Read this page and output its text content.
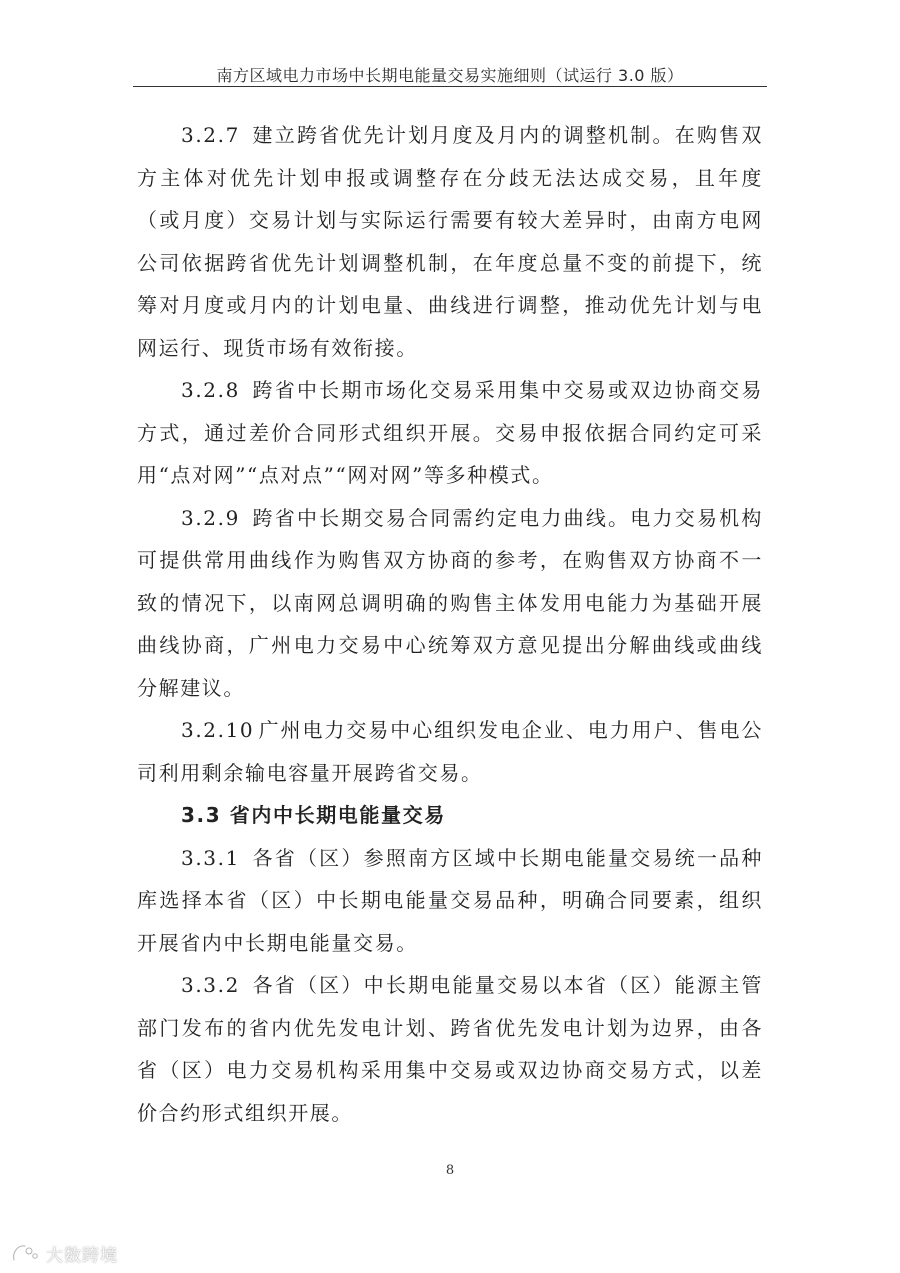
南方区域电力市场中长期电能量交易实施细则（试运行 3.0 版）

3.2.7 建立跨省优先计划月度及月内的调整机制。在购售双方主体对优先计划申报或调整存在分歧无法达成交易，且年度（或月度）交易计划与实际运行需要有较大差异时，由南方电网公司依据跨省优先计划调整机制，在年度总量不变的前提下，统筹对月度或月内的计划电量、曲线进行调整，推动优先计划与电网运行、现货市场有效衔接。

3.2.8 跨省中长期市场化交易采用集中交易或双边协商交易方式，通过差价合同形式组织开展。交易申报依据合同约定可采用“点对网”“点对点”“网对网”等多种模式。

3.2.9 跨省中长期交易合同需约定电力曲线。电力交易机构可提供常用曲线作为购售双方协商的参考，在购售双方协商不一致的情况下，以南网总调明确的购售主体发用电能力为基础开展曲线协商，广州电力交易中心统筹双方意见提出分解曲线或曲线分解建议。

3.2.10 广州电力交易中心组织发电企业、电力用户、售电公司利用剩余输电容量开展跨省交易。

3.3 省内中长期电能量交易

3.3.1 各省（区）参照南方区域中长期电能量交易统一品种库选择本省（区）中长期电能量交易品种，明确合同要素，组织开展省内中长期电能量交易。

3.3.2 各省（区）中长期电能量交易以本省（区）能源主管部门发布的省内优先发电计划、跨省优先发电计划为边界，由各省（区）电力交易机构采用集中交易或双边协商交易方式，以差价合约形式组织开展。

8
大数跨境
